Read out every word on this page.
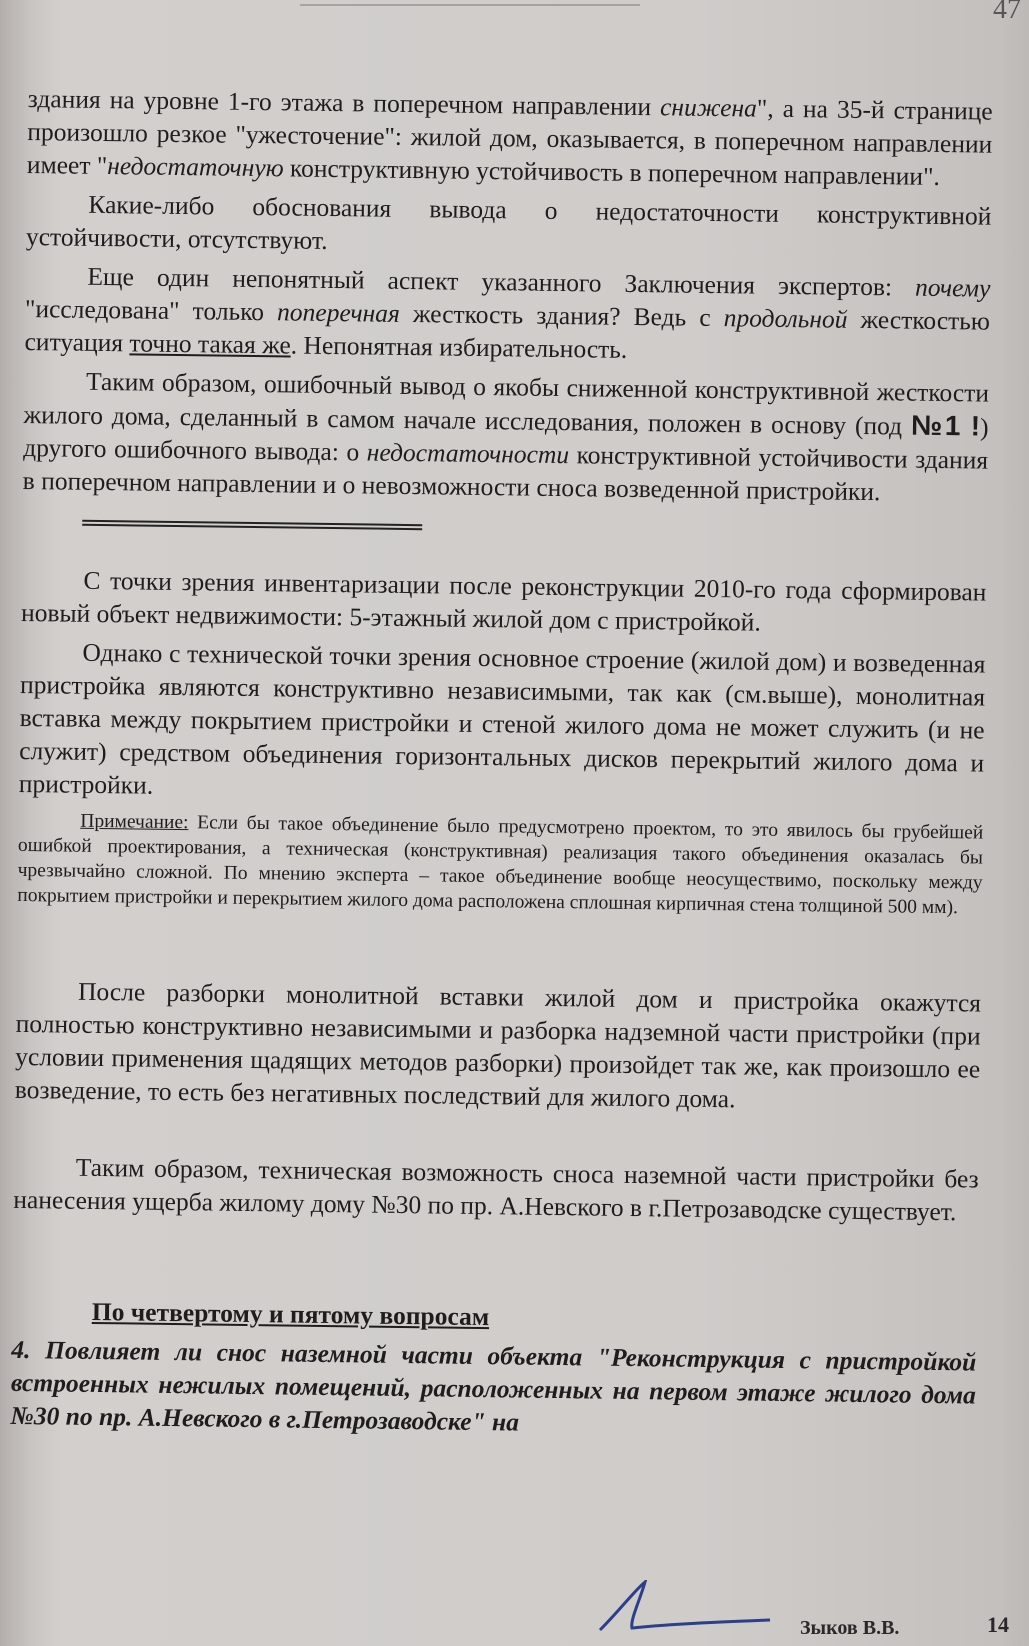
47

здания на уровне 1-го этажа в поперечном направлении снижена", а на 35-й странице произошло резкое "ужесточение": жилой дом, оказывается, в поперечном направлении имеет "недостаточную конструктивную устойчивость в поперечном направлении".

Какие-либо обоснования вывода о недостаточности конструктивной устойчивости, отсутствуют.

Еще один непонятный аспект указанного Заключения экспертов: почему "исследована" только поперечная жесткость здания? Ведь с продольной жесткостью ситуация точно такая же. Непонятная избирательность.

Таким образом, ошибочный вывод о якобы сниженной конструктивной жесткости жилого дома, сделанный в самом начале исследования, положен в основу (под №1 !) другого ошибочного вывода: о недостаточности конструктивной устойчивости здания в поперечном направлении и о невозможности сноса возведенной пристройки.

С точки зрения инвентаризации после реконструкции 2010-го года сформирован новый объект недвижимости: 5-этажный жилой дом с пристройкой.

Однако с технической точки зрения основное строение (жилой дом) и возведенная пристройка являются конструктивно независимыми, так как (см.выше), монолитная вставка между покрытием пристройки и стеной жилого дома не может служить (и не служит) средством объединения горизонтальных дисков перекрытий жилого дома и пристройки.

Примечание: Если бы такое объединение было предусмотрено проектом, то это явилось бы грубейшей ошибкой проектирования, а техническая (конструктивная) реализация такого объединения оказалась бы чрезвычайно сложной. По мнению эксперта – такое объединение вообще неосуществимо, поскольку между покрытием пристройки и перекрытием жилого дома расположена сплошная кирпичная стена толщиной 500 мм).

После разборки монолитной вставки жилой дом и пристройка окажутся полностью конструктивно независимыми и разборка надземной части пристройки (при условии применения щадящих методов разборки) произойдет так же, как произошло ее возведение, то есть без негативных последствий для жилого дома.

Таким образом, техническая возможность сноса наземной части пристройки без нанесения ущерба жилому дому №30 по пр. А.Невского в г.Петрозаводске существует.

По четвертому и пятому вопросам

4. Повлияет ли снос наземной части объекта "Реконструкция с пристройкой встроенных нежилых помещений, расположенных на первом этаже жилого дома №30 по пр. А.Невского в г.Петрозаводске" на

Зыков В.В.	14
